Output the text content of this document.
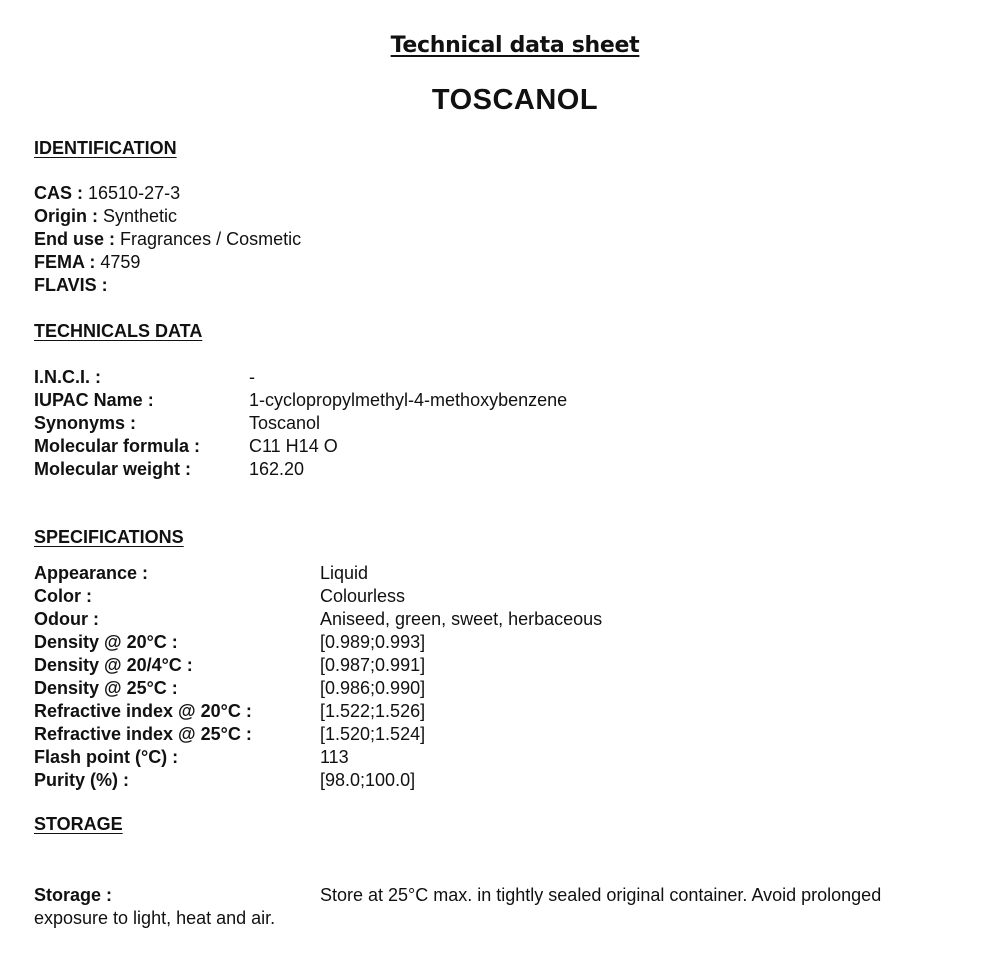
Technical data sheet
TOSCANOL
IDENTIFICATION
CAS : 16510-27-3
Origin : Synthetic
End use : Fragrances / Cosmetic
FEMA : 4759
FLAVIS :
TECHNICALS DATA
I.N.C.I. :	-
IUPAC Name :	1-cyclopropylmethyl-4-methoxybenzene
Synonyms :	Toscanol
Molecular formula :	C11 H14 O
Molecular weight :	162.20
SPECIFICATIONS
Appearance :	Liquid
Color :	Colourless
Odour :	Aniseed, green, sweet, herbaceous
Density @ 20°C :	[0.989;0.993]
Density @ 20/4°C :	[0.987;0.991]
Density @ 25°C :	[0.986;0.990]
Refractive index @ 20°C :	[1.522;1.526]
Refractive index @ 25°C :	[1.520;1.524]
Flash point (°C) :	113
Purity (%) :	[98.0;100.0]
STORAGE
Storage :	Store at 25°C max. in tightly sealed original container. Avoid prolonged
exposure to light, heat and air.
